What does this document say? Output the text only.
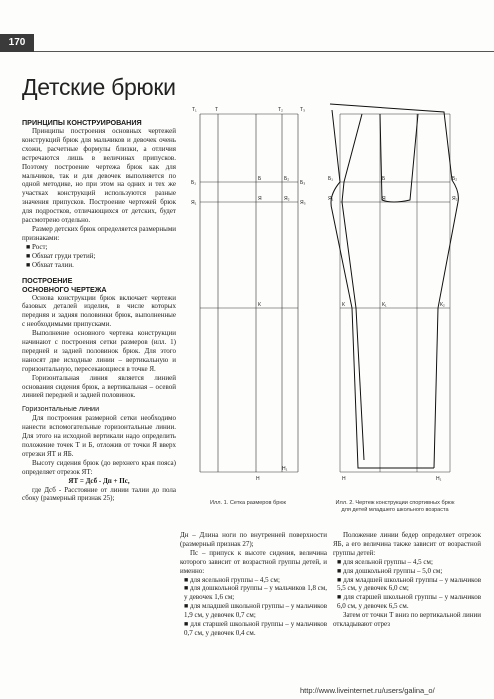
170
Детские брюки
ПРИНЦИПЫ КОНСТРУИРОВАНИЯ

Принципы построения основных чертежей конструкций брюк для мальчиков и девочек очень схожи, расчетные формулы близки, а отличия встречаются лишь в величинах припусков. Поэтому построение чертежа брюк как для мальчиков, так и для девочек выполняется по одной методике, но при этом на одних и тех же участках конструкций используются разные значения припусков. Построение чертежей брюк для подростков, отличающихся от детских, будет рассмотрено отдельно.

Размер детских брюк определяется размерными признаками:

■ Рост;

■ Обхват груди третий;

■ Обхват талии.

ПОСТРОЕНИЕ
ОСНОВНОГО ЧЕРТЕЖА

Основа конструкции брюк включает чертежи базовых деталей изделия, в числе которых передняя и задняя половинки брюк, выполненные с необходимыми припусками.

Выполнение основного чертежа конструкции начинают с построения сетки размеров (илл. 1) передней и задней половинок брюк. Для этого наносят две исходные линии – вертикальную и горизонтальную, пересекающиеся в точке Я.

Горизонтальная линия является линией основания сидения брюк, а вертикальная – осевой линией передней и задней половинок.

Горизонтальные линии

Для построения размерной сетки необходимо нанести вспомогательные горизонтальные линии. Для этого на исходной вертикали надо определить положение точек Т и Б, отложив от точки Я вверх отрезки ЯТ и ЯБ.

Высоту сидения брюк (до верхнего края пояса) определяет отрезок ЯТ:

ЯТ = Дсб - Дп + Пс,

где Дсб - Расстояние от линии талии до пола сбоку (размерный признак 25);

Т₁	Т	Т₂	Т₃
Б₁
Б	Б₂
Б₃
Я₁
Я	Я₂
Я₃
К
Н
Н₁
Б₁	Б	Б₂
Я₁	Я	Я₂
К	К₁	К₂
Н	Н₁
Илл. 1. Сетка размеров брюк	Илл. 2. Чертеж конструкции спортивных брюк
для детей младшего школьного возраста

Дн – Длина ноги по внутренней поверхности (размерный признак 27);

Пс – припуск к высоте сидения, величина которого зависит от возрастной группы детей, и именно:

■ для ясельной группы – 4,5 см;

■ для дошкольной группы – у мальчиков 1,8 см, у девочек 1,6 см;

■ для младшей школьной группы – у мальчиков 1,9 см, у девочек 0,7 см;

■ для старшей школьной группы – у мальчиков 0,7 см, у девочек 0,4 см.

Положение линии бедер определяет отрезок ЯБ, а его величина также зависит от возрастной группы детей:

■ для ясельной группы – 4,5 см;

■ для дошкольной группы – 5,0 см;

■ для младшей школьной группы – у мальчиков 5,5 см, у девочек 6,0 см;

■ для старшей школьной группы – у мальчиков 6,0 см, у девочек 6,5 см.

Затем от точки Т вниз по вертикальной линии откладывают отрез

http://www.liveinternet.ru/users/galina_o/
